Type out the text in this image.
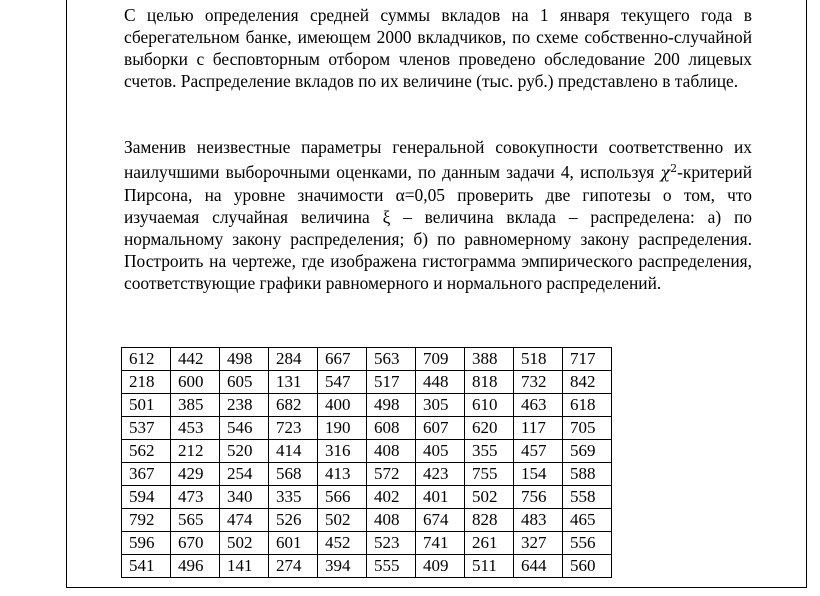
С целью определения средней суммы вкладов на 1 января текущего года в сберегательном банке, имеющем 2000 вкладчиков, по схеме собственно-случайной выборки с бесповторным отбором членов проведено обследование 200 лицевых счетов. Распределение вкладов по их величине (тыс. руб.) представлено в таблице.

Заменив неизвестные параметры генеральной совокупности соответственно их наилучшими выборочными оценками, по данным задачи 4, используя $\chi^2$-критерий Пирсона, на уровне значимости α=0,05 проверить две гипотезы о том, что изучаемая случайная величина ξ – величина вклада – распределена: а) по нормальному закону распределения; б) по равномерному закону распределения. Построить на чертеже, где изображена гистограмма эмпирического распределения, соответствующие графики равномерного и нормального распределений.

612	442	498	284	667	563	709	388	518	717
218	600	605	131	547	517	448	818	732	842
501	385	238	682	400	498	305	610	463	618
537	453	546	723	190	608	607	620	117	705
562	212	520	414	316	408	405	355	457	569
367	429	254	568	413	572	423	755	154	588
594	473	340	335	566	402	401	502	756	558
792	565	474	526	502	408	674	828	483	465
596	670	502	601	452	523	741	261	327	556
541	496	141	274	394	555	409	511	644	560
